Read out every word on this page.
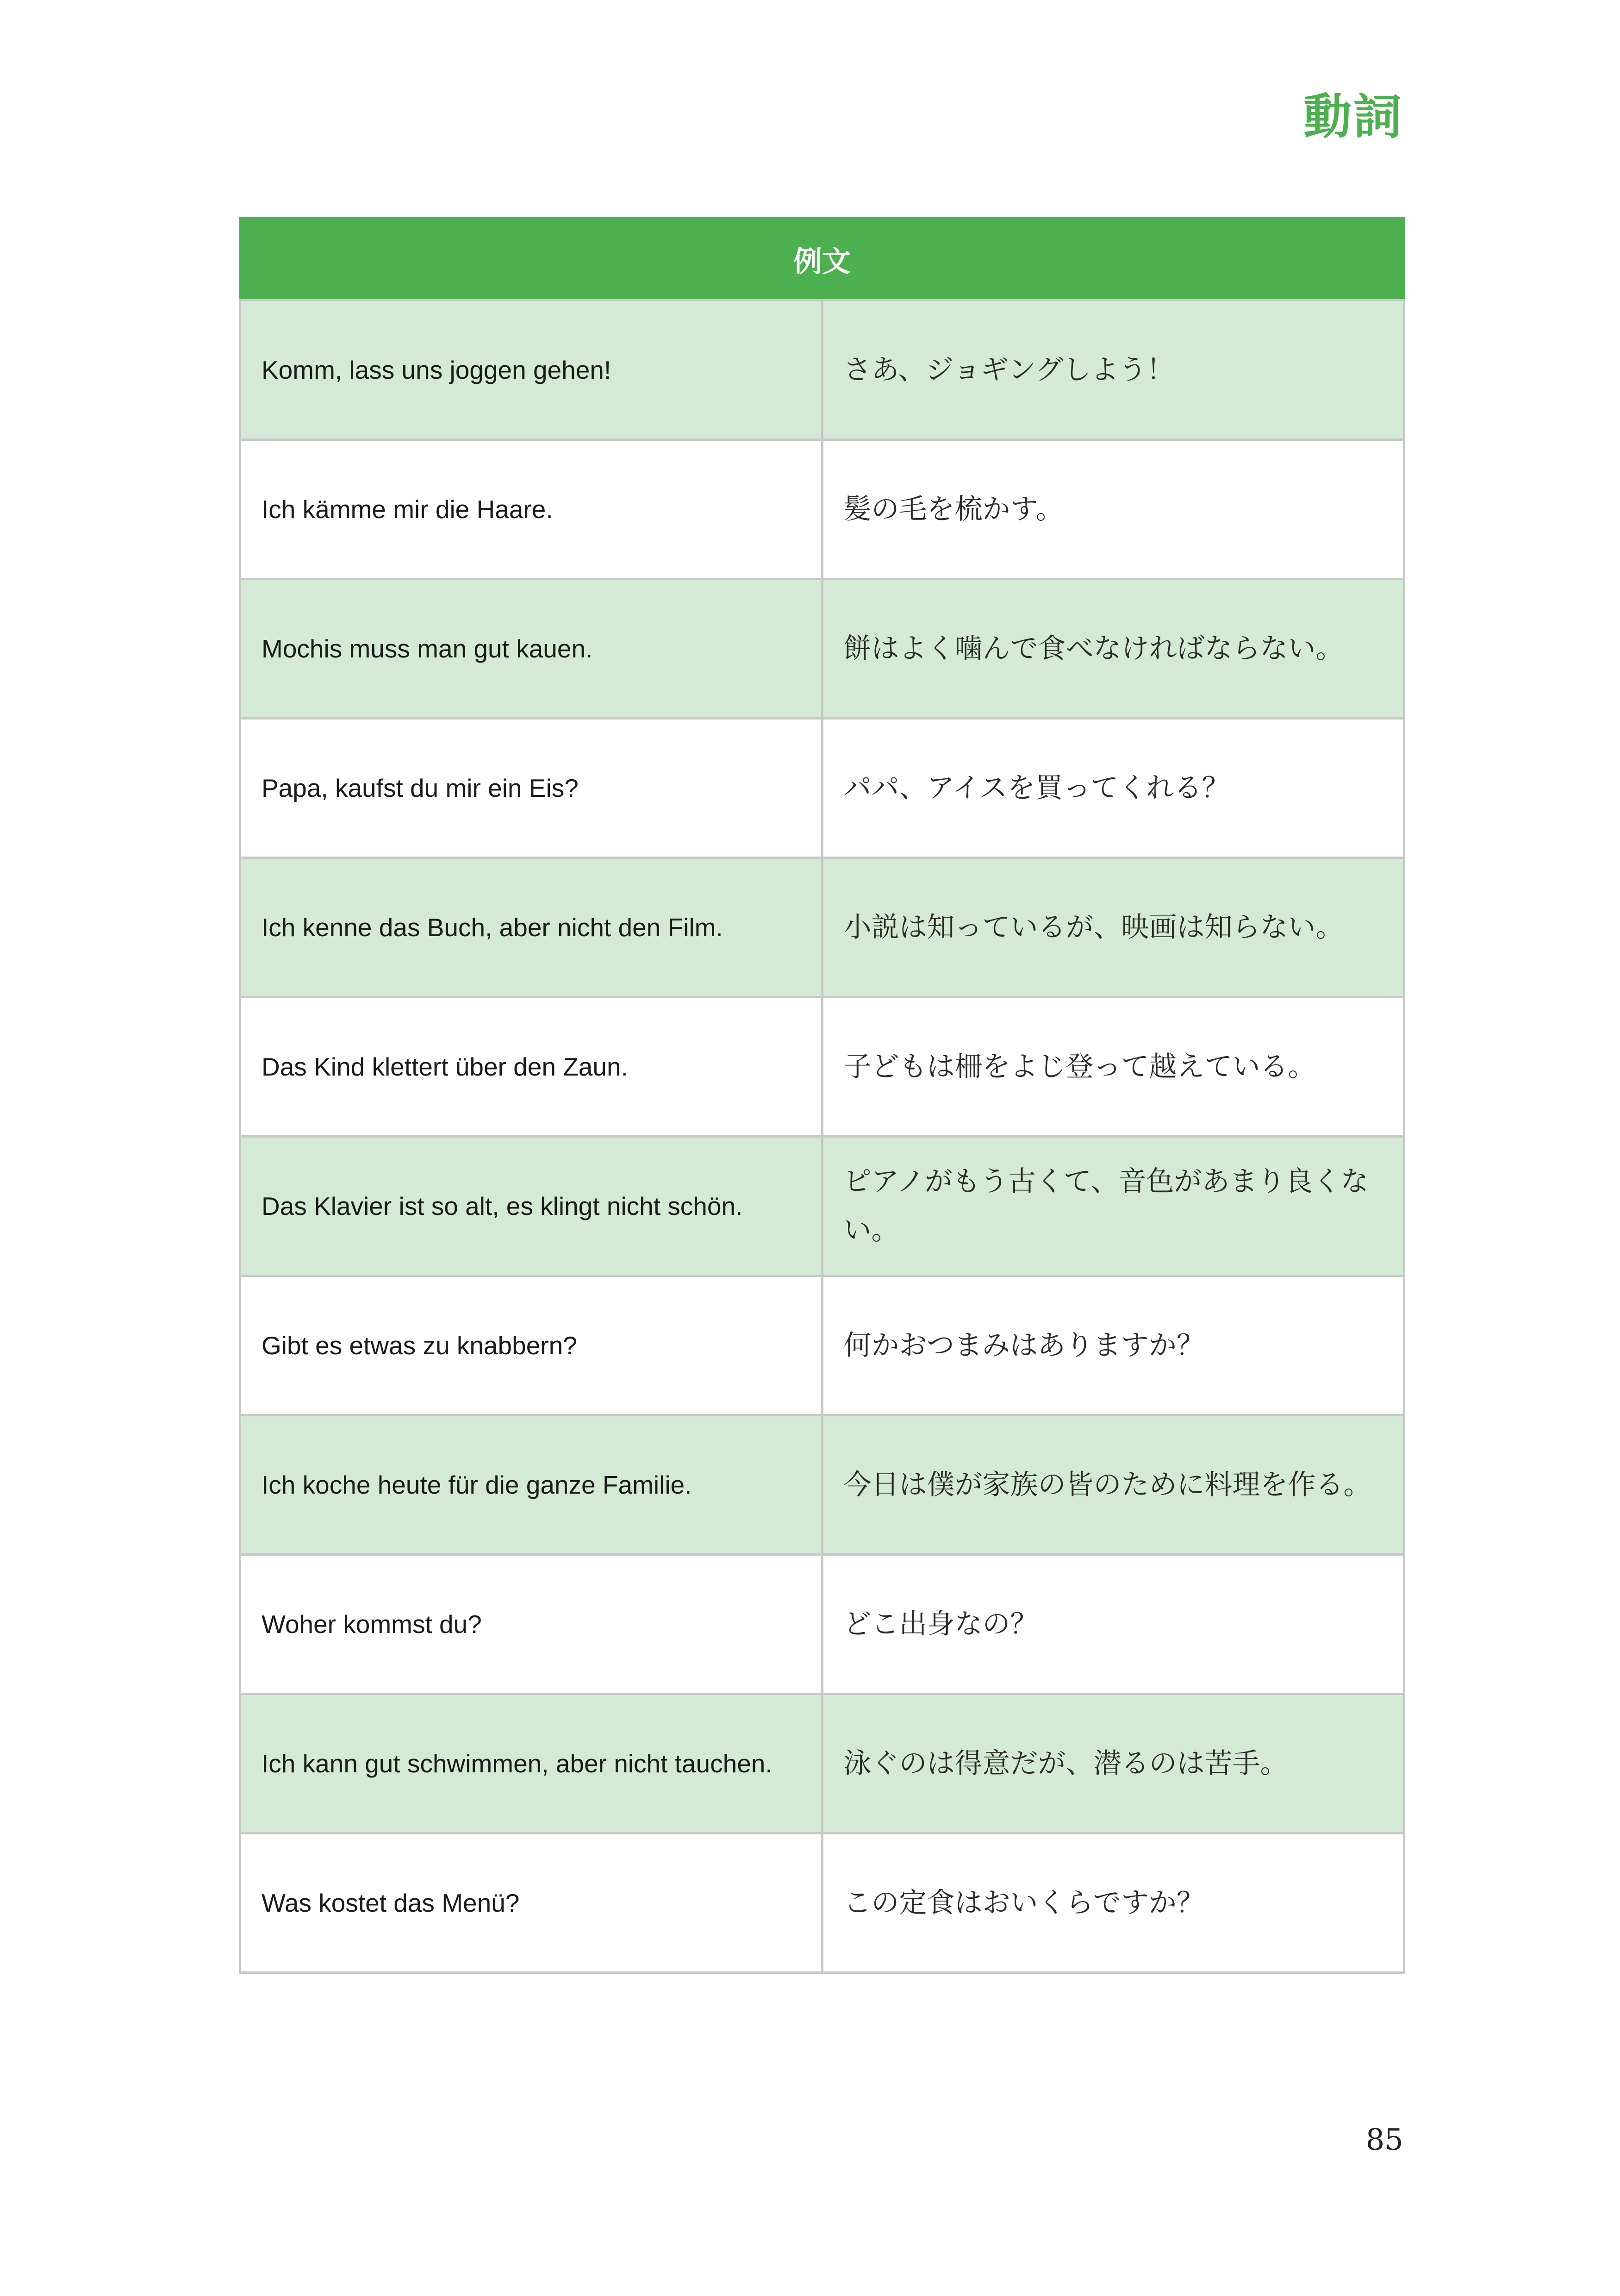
動詞
例文	
Komm, lass uns joggen gehen!	さあ、ジョギングしよう！
Ich kämme mir die Haare.	髪の毛を梳かす。
Mochis muss man gut kauen.	餅はよく噛んで食べなければならない。
Papa, kaufst du mir ein Eis?	パパ、アイスを買ってくれる？
Ich kenne das Buch, aber nicht den Film.	小説は知っているが、映画は知らない。
Das Kind klettert über den Zaun.	子どもは柵をよじ登って越えている。
Das Klavier ist so alt, es klingt nicht schön.	ピアノがもう古くて、音色があまり良くない。
Gibt es etwas zu knabbern?	何かおつまみはありますか？
Ich koche heute für die ganze Familie.	今日は僕が家族の皆のために料理を作る。
Woher kommst du?	どこ出身なの？
Ich kann gut schwimmen, aber nicht tauchen.	泳ぐのは得意だが、潜るのは苦手。
Was kostet das Menü?	この定食はおいくらですか？
85
